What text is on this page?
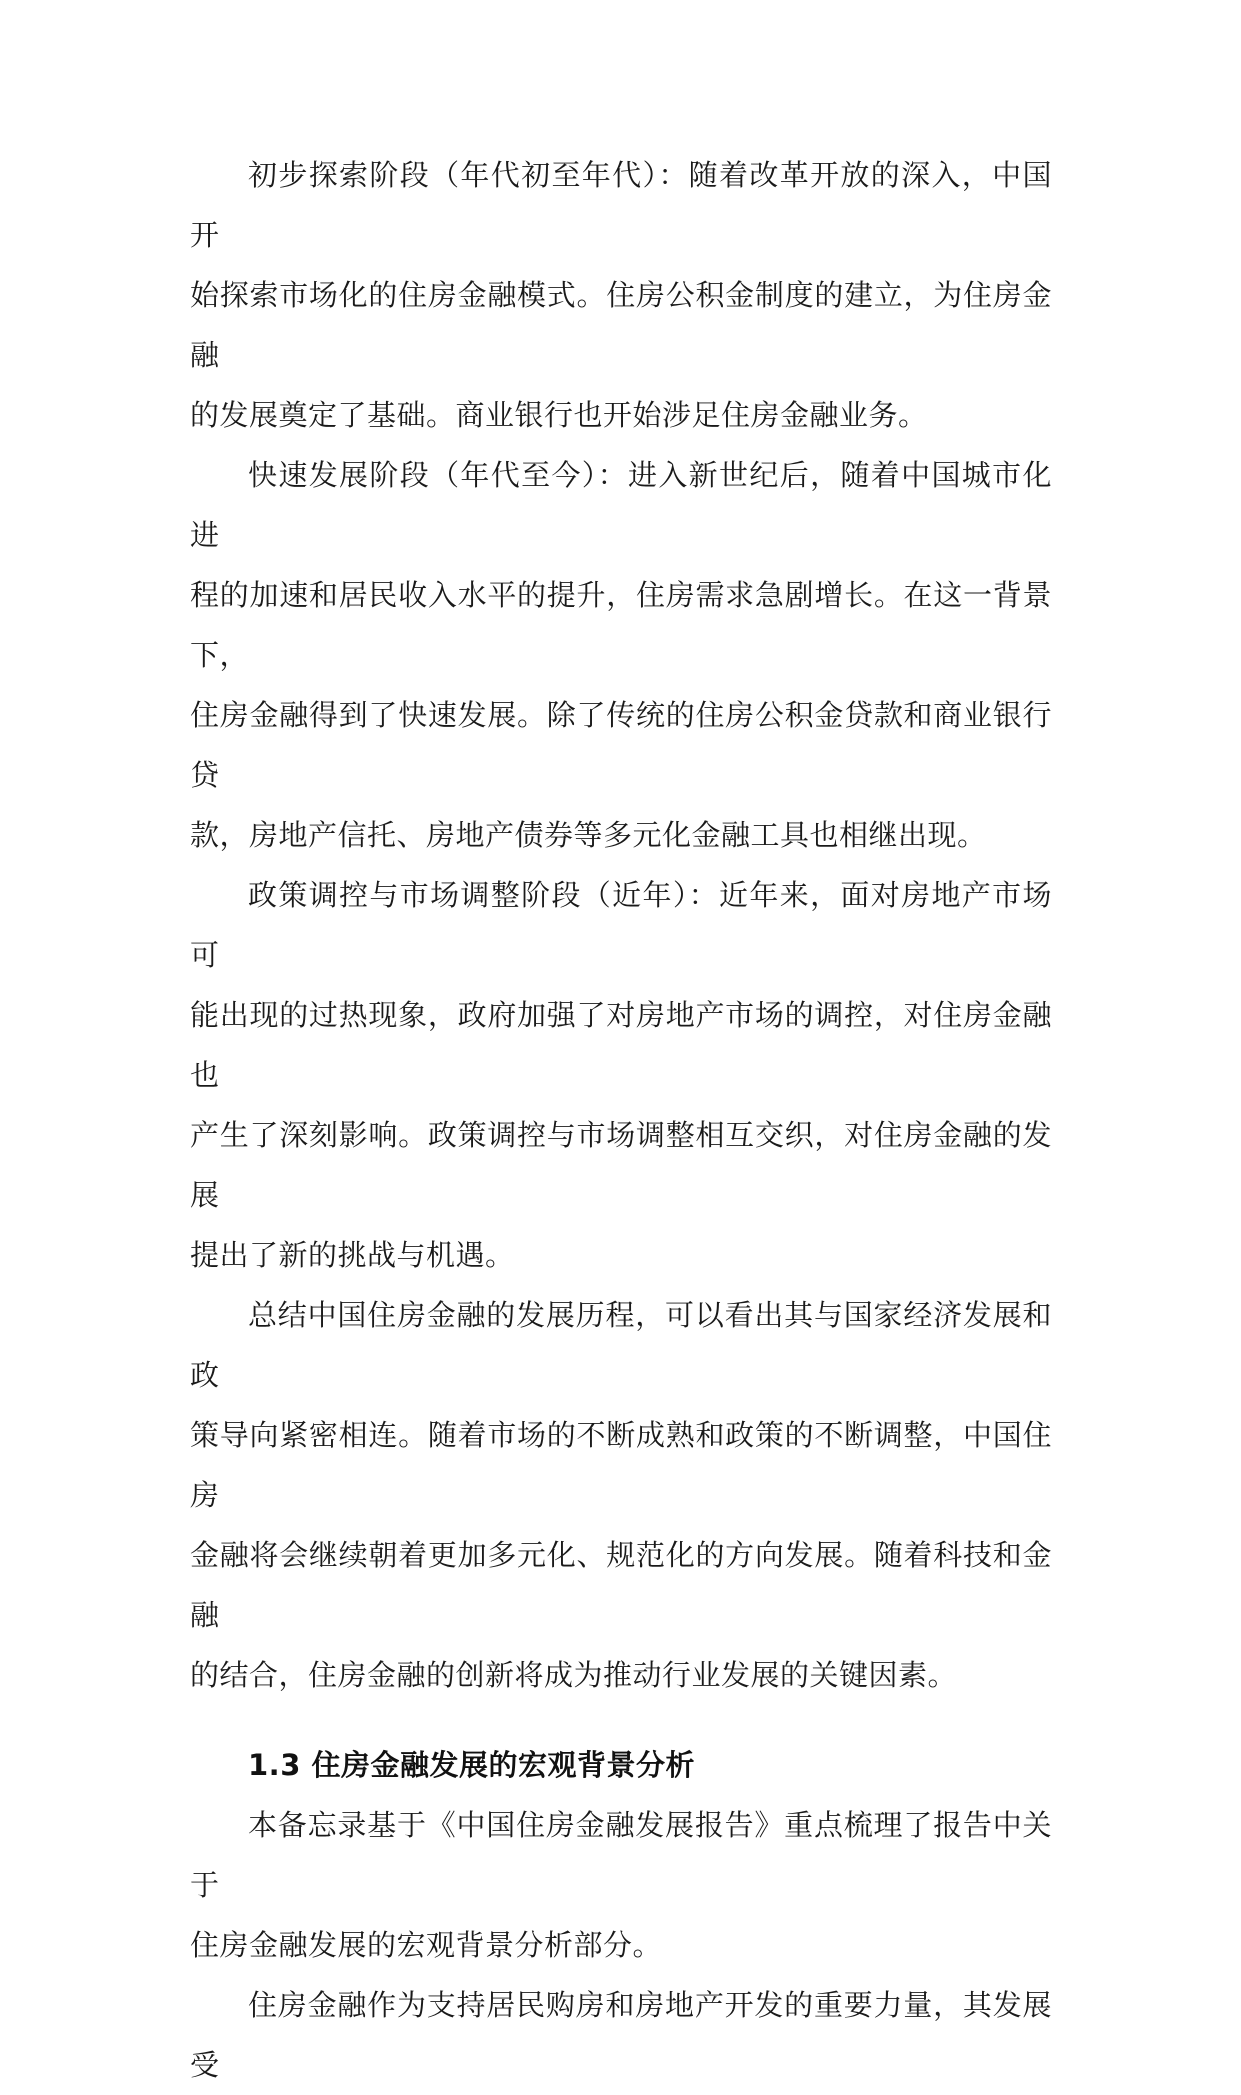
初步探索阶段（年代初至年代）：随着改革开放的深入，中国开
始探索市场化的住房金融模式。住房公积金制度的建立，为住房金融
的发展奠定了基础。商业银行也开始涉足住房金融业务。

快速发展阶段（年代至今）：进入新世纪后，随着中国城市化进
程的加速和居民收入水平的提升，住房需求急剧增长。在这一背景下，
住房金融得到了快速发展。除了传统的住房公积金贷款和商业银行贷
款，房地产信托、房地产债券等多元化金融工具也相继出现。

政策调控与市场调整阶段（近年）：近年来，面对房地产市场可
能出现的过热现象，政府加强了对房地产市场的调控，对住房金融也
产生了深刻影响。政策调控与市场调整相互交织，对住房金融的发展
提出了新的挑战与机遇。

总结中国住房金融的发展历程，可以看出其与国家经济发展和政
策导向紧密相连。随着市场的不断成熟和政策的不断调整，中国住房
金融将会继续朝着更加多元化、规范化的方向发展。随着科技和金融
的结合，住房金融的创新将成为推动行业发展的关键因素。

1.3 住房金融发展的宏观背景分析

本备忘录基于《中国住房金融发展报告》重点梳理了报告中关于
住房金融发展的宏观背景分析部分。

住房金融作为支持居民购房和房地产开发的重要力量，其发展受
